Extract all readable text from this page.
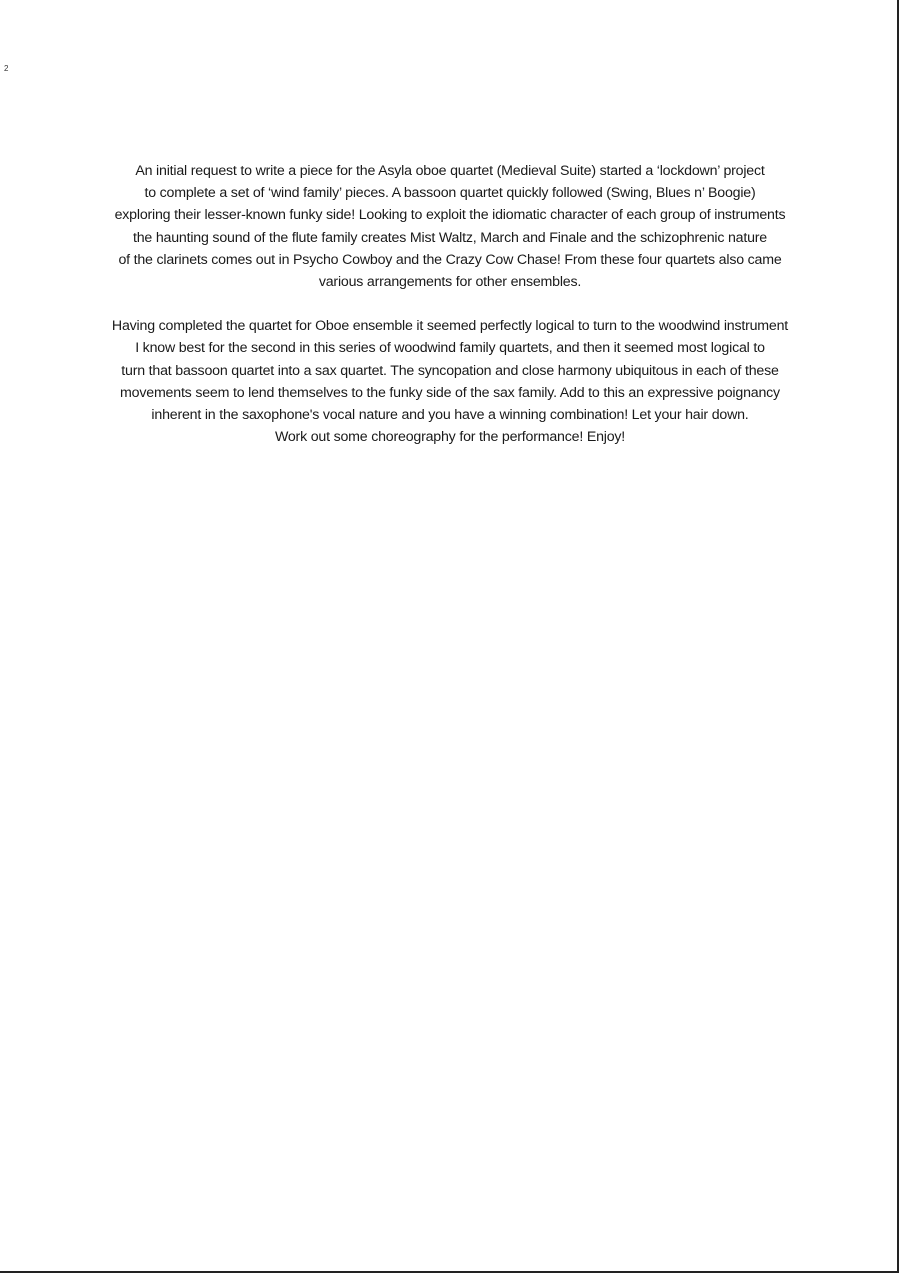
2

An initial request to write a piece for the Asyla oboe quartet (Medieval Suite) started a ‘lockdown’ project
to complete a set of ‘wind family’ pieces. A bassoon quartet quickly followed (Swing, Blues n’ Boogie)
exploring their lesser-known funky side! Looking to exploit the idiomatic character of each group of instruments
the haunting sound of the flute family creates Mist Waltz, March and Finale and the schizophrenic nature
of the clarinets comes out in Psycho Cowboy and the Crazy Cow Chase! From these four quartets also came
various arrangements for other ensembles.

Having completed the quartet for Oboe ensemble it seemed perfectly logical to turn to the woodwind instrument
I know best for the second in this series of woodwind family quartets, and then it seemed most logical to
turn that bassoon quartet into a sax quartet. The syncopation and close harmony ubiquitous in each of these
movements seem to lend themselves to the funky side of the sax family. Add to this an expressive poignancy
inherent in the saxophone's vocal nature and you have a winning combination! Let your hair down.
Work out some choreography for the performance! Enjoy!
